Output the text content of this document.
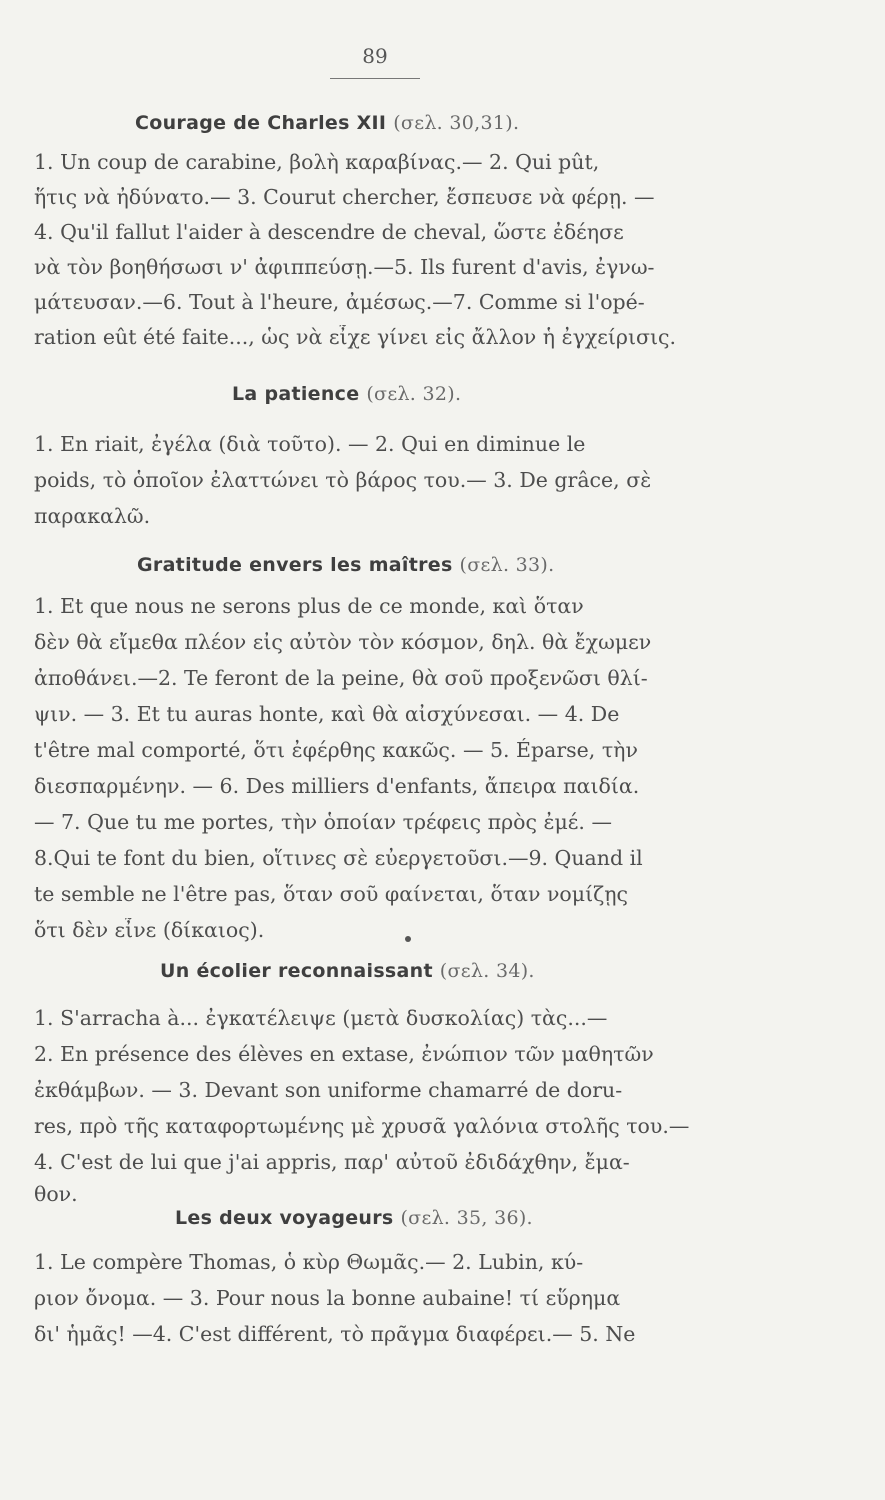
89
Courage de Charles XII (σελ. 30,31).
1. Un coup de carabine, βολὴ καραβίνας.— 2. Qui pût,
ἥτις νὰ ἠδύνατο.— 3. Courut chercher, ἔσπευσε νὰ φέρῃ. —
4. Qu'il fallut l'aider à descendre de cheval, ὥστε ἐδέησε
νὰ τὸν βοηθήσωσι ν' ἀφιππεύσῃ.—5. Ils furent d'avis, ἐγνω-
μάτευσαν.—6. Tout à l'heure, ἀμέσως.—7. Comme si l'opé-
ration eût été faite..., ὡς νὰ εἶχε γίνει εἰς ἄλλον ἡ ἐγχείρισις.
La patience (σελ. 32).
1. En riait, ἐγέλα (διὰ τοῦτο). — 2. Qui en diminue le
poids, τὸ ὁποῖον ἐλαττώνει τὸ βάρος του.— 3. De grâce, σὲ
παρακαλῶ.
Gratitude envers les maîtres (σελ. 33).
1. Et que nous ne serons plus de ce monde, καὶ ὅταν
δὲν θὰ εἴμεθα πλέον εἰς αὐτὸν τὸν κόσμον, δηλ. θὰ ἔχωμεν
ἀποθάνει.—2. Te feront de la peine, θὰ σοῦ προξενῶσι θλί-
ψιν. — 3. Et tu auras honte, καὶ θὰ αἰσχύνεσαι. — 4. De
t'être mal comporté, ὅτι ἐφέρθης κακῶς. — 5. Éparse, τὴν
διεσπαρμένην. — 6. Des milliers d'enfants, ἄπειρα παιδία.
— 7. Que tu me portes, τὴν ὁποίαν τρέφεις πρὸς ἐμέ. —
8.Qui te font du bien, οἵτινες σὲ εὐεργετοῦσι.—9. Quand il
te semble ne l'être pas, ὅταν σοῦ φαίνεται, ὅταν νομίζῃς
ὅτι δὲν εἶνε (δίκαιος).
Un écolier reconnaissant (σελ. 34).
1. S'arracha à... ἐγκατέλειψε (μετὰ δυσκολίας) τὰς...—
2. En présence des élèves en extase, ἐνώπιον τῶν μαθητῶν
ἐκθάμβων. — 3. Devant son uniforme chamarré de doru-
res, πρὸ τῆς καταφορτωμένης μὲ χρυσᾶ γαλόνια στολῆς του.—
4. C'est de lui que j'ai appris, παρ' αὐτοῦ ἐδιδάχθην, ἔμα-
θον.
Les deux voyageurs (σελ. 35, 36).
1. Le compère Thomas, ὁ κὺρ Θωμᾶς.— 2. Lubin, κύ-
ριον ὄνομα. — 3. Pour nous la bonne aubaine! τί εὕρημα
δι' ἡμᾶς! —4. C'est différent, τὸ πρᾶγμα διαφέρει.— 5. Ne
